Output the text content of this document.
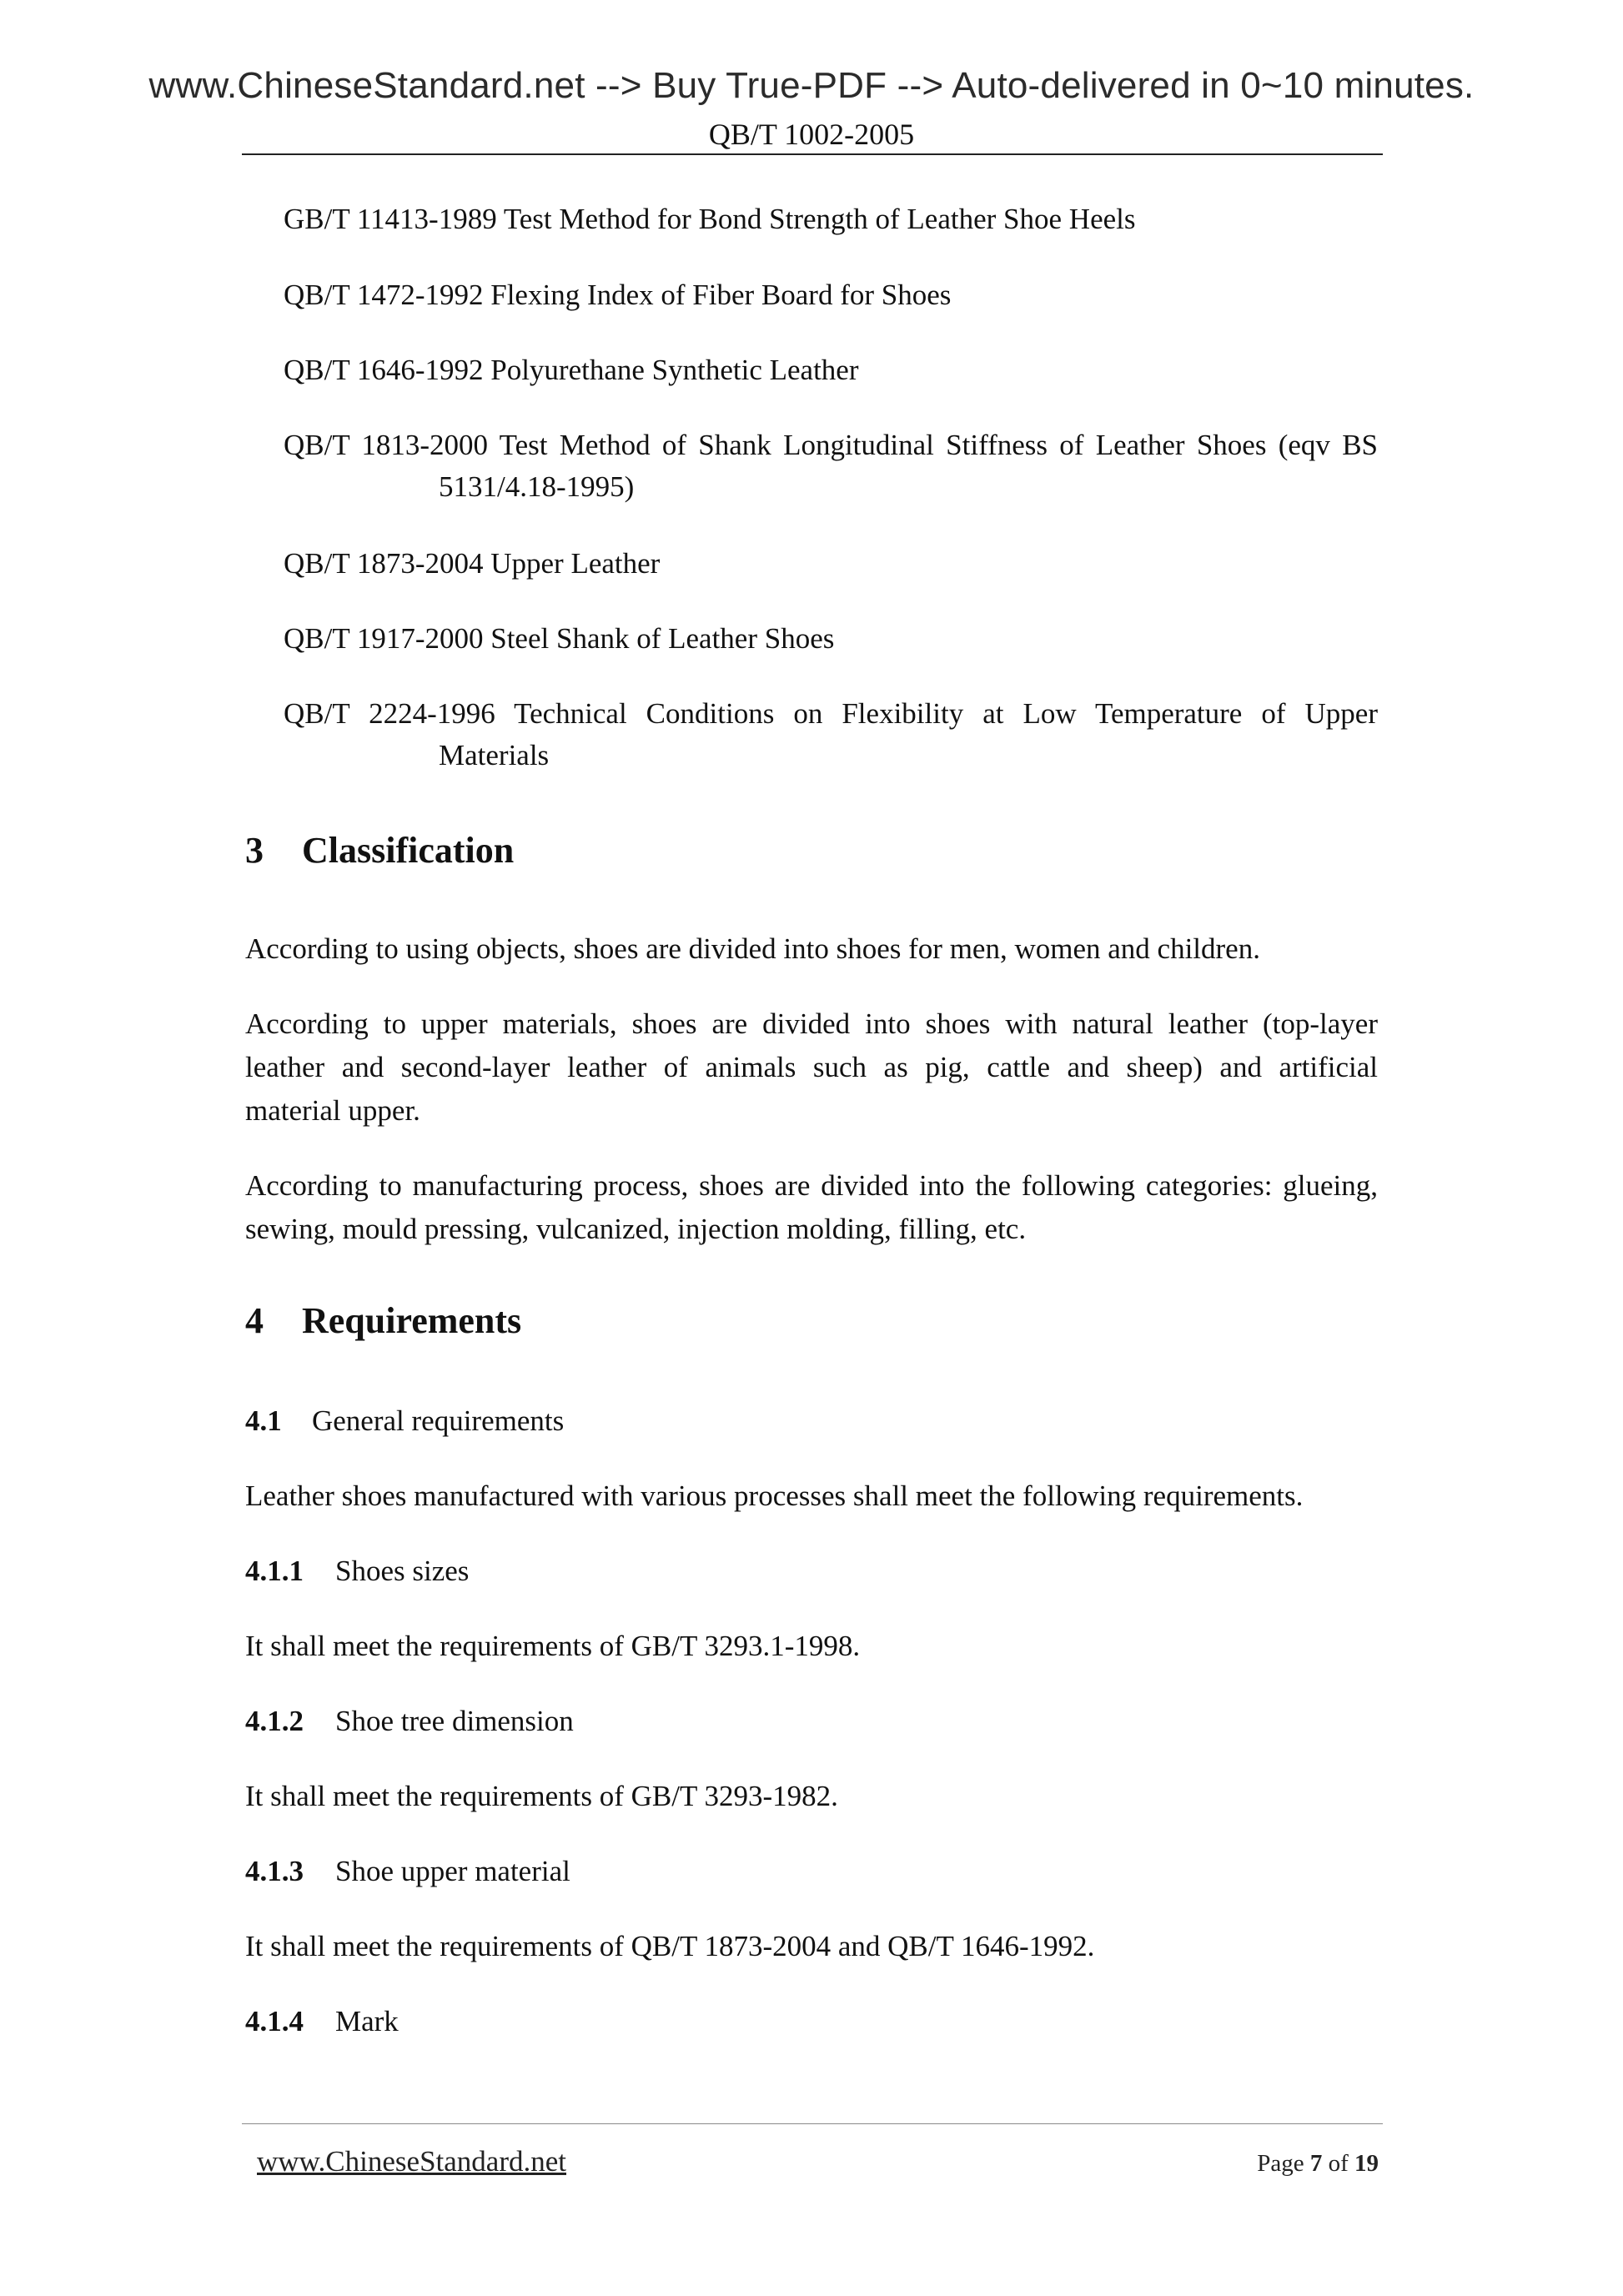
www.ChineseStandard.net --> Buy True-PDF --> Auto-delivered in 0~10 minutes.
QB/T 1002-2005
GB/T 11413-1989 Test Method for Bond Strength of Leather Shoe Heels
QB/T 1472-1992 Flexing Index of Fiber Board for Shoes
QB/T 1646-1992 Polyurethane Synthetic Leather
QB/T 1813-2000 Test Method of Shank Longitudinal Stiffness of Leather Shoes (eqv BS
5131/4.18-1995)
QB/T 1873-2004 Upper Leather
QB/T 1917-2000 Steel Shank of Leather Shoes
QB/T 2224-1996 Technical Conditions on Flexibility at Low Temperature of Upper
Materials
3 Classification
According to using objects, shoes are divided into shoes for men, women and children.
According to upper materials, shoes are divided into shoes with natural leather (top-layer
leather and second-layer leather of animals such as pig, cattle and sheep) and artificial
material upper.
According to manufacturing process, shoes are divided into the following categories: glueing,
sewing, mould pressing, vulcanized, injection molding, filling, etc.
4 Requirements
4.1 General requirements
Leather shoes manufactured with various processes shall meet the following requirements.
4.1.1 Shoes sizes
It shall meet the requirements of GB/T 3293.1-1998.
4.1.2 Shoe tree dimension
It shall meet the requirements of GB/T 3293-1982.
4.1.3 Shoe upper material
It shall meet the requirements of QB/T 1873-2004 and QB/T 1646-1992.
4.1.4 Mark
www.ChineseStandard.net	Page 7 of 19
